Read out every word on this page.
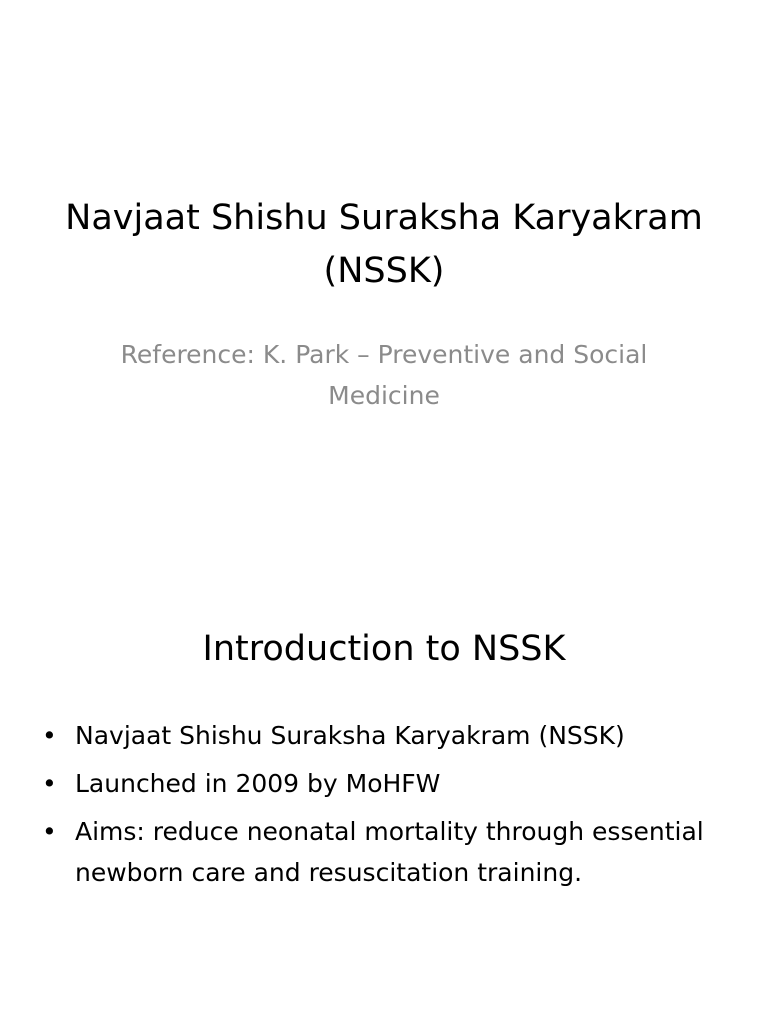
Navjaat Shishu Suraksha Karyakram (NSSK)

Reference: K. Park – Preventive and Social Medicine

Introduction to NSSK
• Navjaat Shishu Suraksha Karyakram (NSSK)
• Launched in 2009 by MoHFW
• Aims: reduce neonatal mortality through essential newborn care and resuscitation training.
